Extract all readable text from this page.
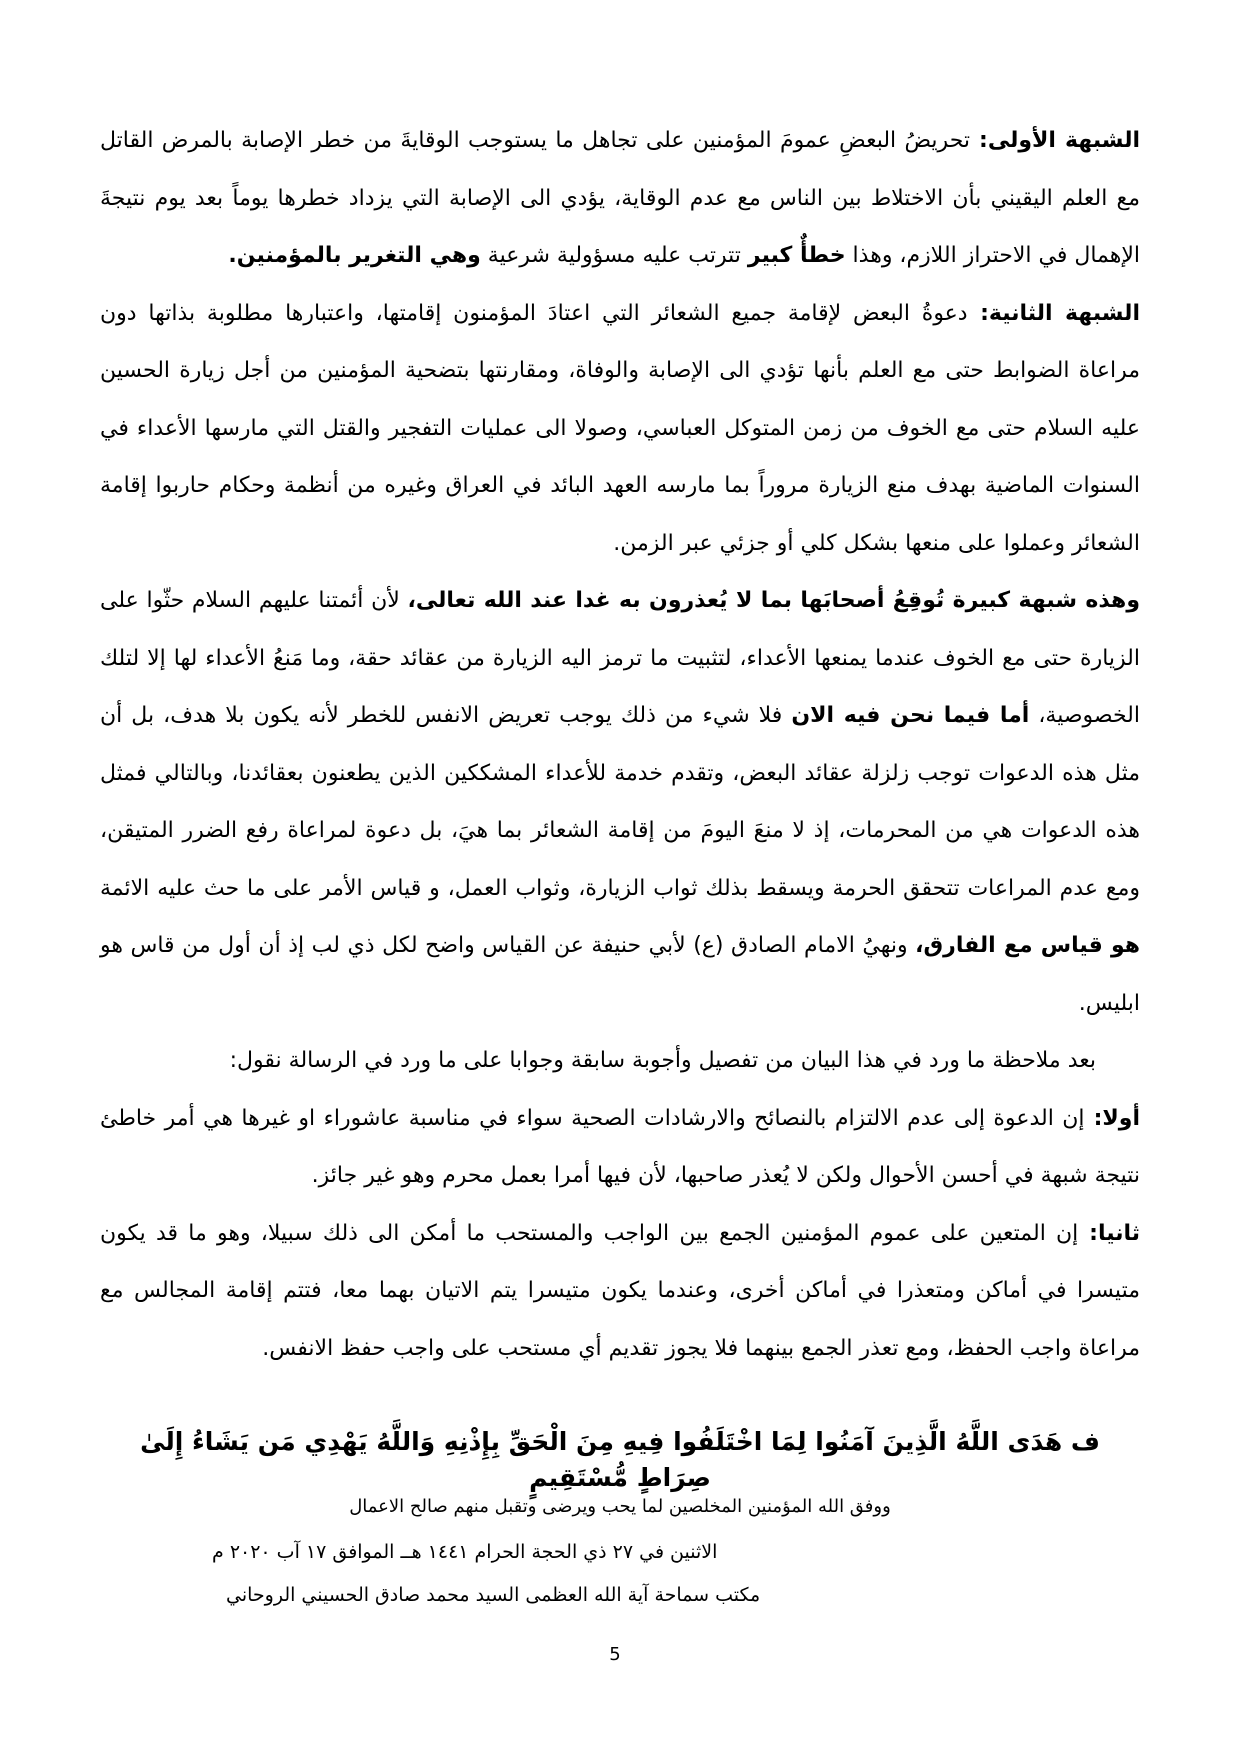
الشبهة الأولى: تحريضُ البعضِ عمومَ المؤمنين على تجاهل ما يستوجب الوقايةَ من خطر الإصابة بالمرض القاتل مع العلم اليقيني بأن الاختلاط بين الناس مع عدم الوقاية، يؤدي الى الإصابة التي يزداد خطرها يوماً بعد يوم نتيجةَ الإهمال في الاحتراز اللازم، وهذا خطأٌ كبير تترتب عليه مسؤولية شرعية وهي التغرير بالمؤمنين.

الشبهة الثانية: دعوةُ البعض لإقامة جميع الشعائر التي اعتادَ المؤمنون إقامتها، واعتبارها مطلوبة بذاتها دون مراعاة الضوابط حتى مع العلم بأنها تؤدي الى الإصابة والوفاة، ومقارنتها بتضحية المؤمنين من أجل زيارة الحسين عليه السلام حتى مع الخوف من زمن المتوكل العباسي، وصولا الى عمليات التفجير والقتل التي مارسها الأعداء في السنوات الماضية بهدف منع الزيارة مروراً بما مارسه العهد البائد في العراق وغيره من أنظمة وحكام حاربوا إقامة الشعائر وعملوا على منعها بشكل كلي أو جزئي عبر الزمن.

وهذه شبهة كبيرة تُوقِعُ أصحابَها بما لا يُعذرون به غدا عند الله تعالى، لأن أئمتنا عليهم السلام حثّوا على الزيارة حتى مع الخوف عندما يمنعها الأعداء، لتثبيت ما ترمز اليه الزيارة من عقائد حقة، وما مَنعُ الأعداء لها إلا لتلك الخصوصية، أما فيما نحن فيه الان فلا شيء من ذلك يوجب تعريض الانفس للخطر لأنه يكون بلا هدف، بل أن مثل هذه الدعوات توجب زلزلة عقائد البعض، وتقدم خدمة للأعداء المشككين الذين يطعنون بعقائدنا، وبالتالي فمثل هذه الدعوات هي من المحرمات، إذ لا منعَ اليومَ من إقامة الشعائر بما هيَ، بل دعوة لمراعاة رفع الضرر المتيقن، ومع عدم المراعات تتحقق الحرمة ويسقط بذلك ثواب الزيارة، وثواب العمل، و قياس الأمر على ما حث عليه الائمة هو قياس مع الفارق، ونهيُ الامام الصادق (ع) لأبي حنيفة عن القياس واضح لكل ذي لب إذ أن أول من قاس هو ابليس.

بعد ملاحظة ما ورد في هذا البيان من تفصيل وأجوبة سابقة وجوابا على ما ورد في الرسالة نقول:

أولا: إن الدعوة إلى عدم الالتزام بالنصائح والارشادات الصحية سواء في مناسبة عاشوراء او غيرها هي أمر خاطئ نتيجة شبهة في أحسن الأحوال ولكن لا يُعذر صاحبها، لأن فيها أمرا بعمل محرم وهو غير جائز.

ثانيا: إن المتعين على عموم المؤمنين الجمع بين الواجب والمستحب ما أمكن الى ذلك سبيلا، وهو ما قد يكون متيسرا في أماكن ومتعذرا في أماكن أخرى، وعندما يكون متيسرا يتم الاتيان بهما معا، فتتم إقامة المجالس مع مراعاة واجب الحفظ، ومع تعذر الجمع بينهما فلا يجوز تقديم أي مستحب على واجب حفظ الانفس.

ف هَدَى اللَّهُ الَّذِينَ آمَنُوا لِمَا اخْتَلَفُوا فِيهِ مِنَ الْحَقِّ بِإِذْنِهِ وَاللَّهُ يَهْدِي مَن يَشَاءُ إِلَىٰ صِرَاطٍ مُّسْتَقِيمٍ
ووفق الله المؤمنين المخلصين لما يحب ويرضى وتقبل منهم صالح الاعمال
الاثنين في ٢٧ ذي الحجة الحرام ١٤٤١ هــ الموافق ١٧ آب ٢٠٢٠ م
مكتب سماحة آية الله العظمى السيد محمد صادق الحسيني الروحاني
5
